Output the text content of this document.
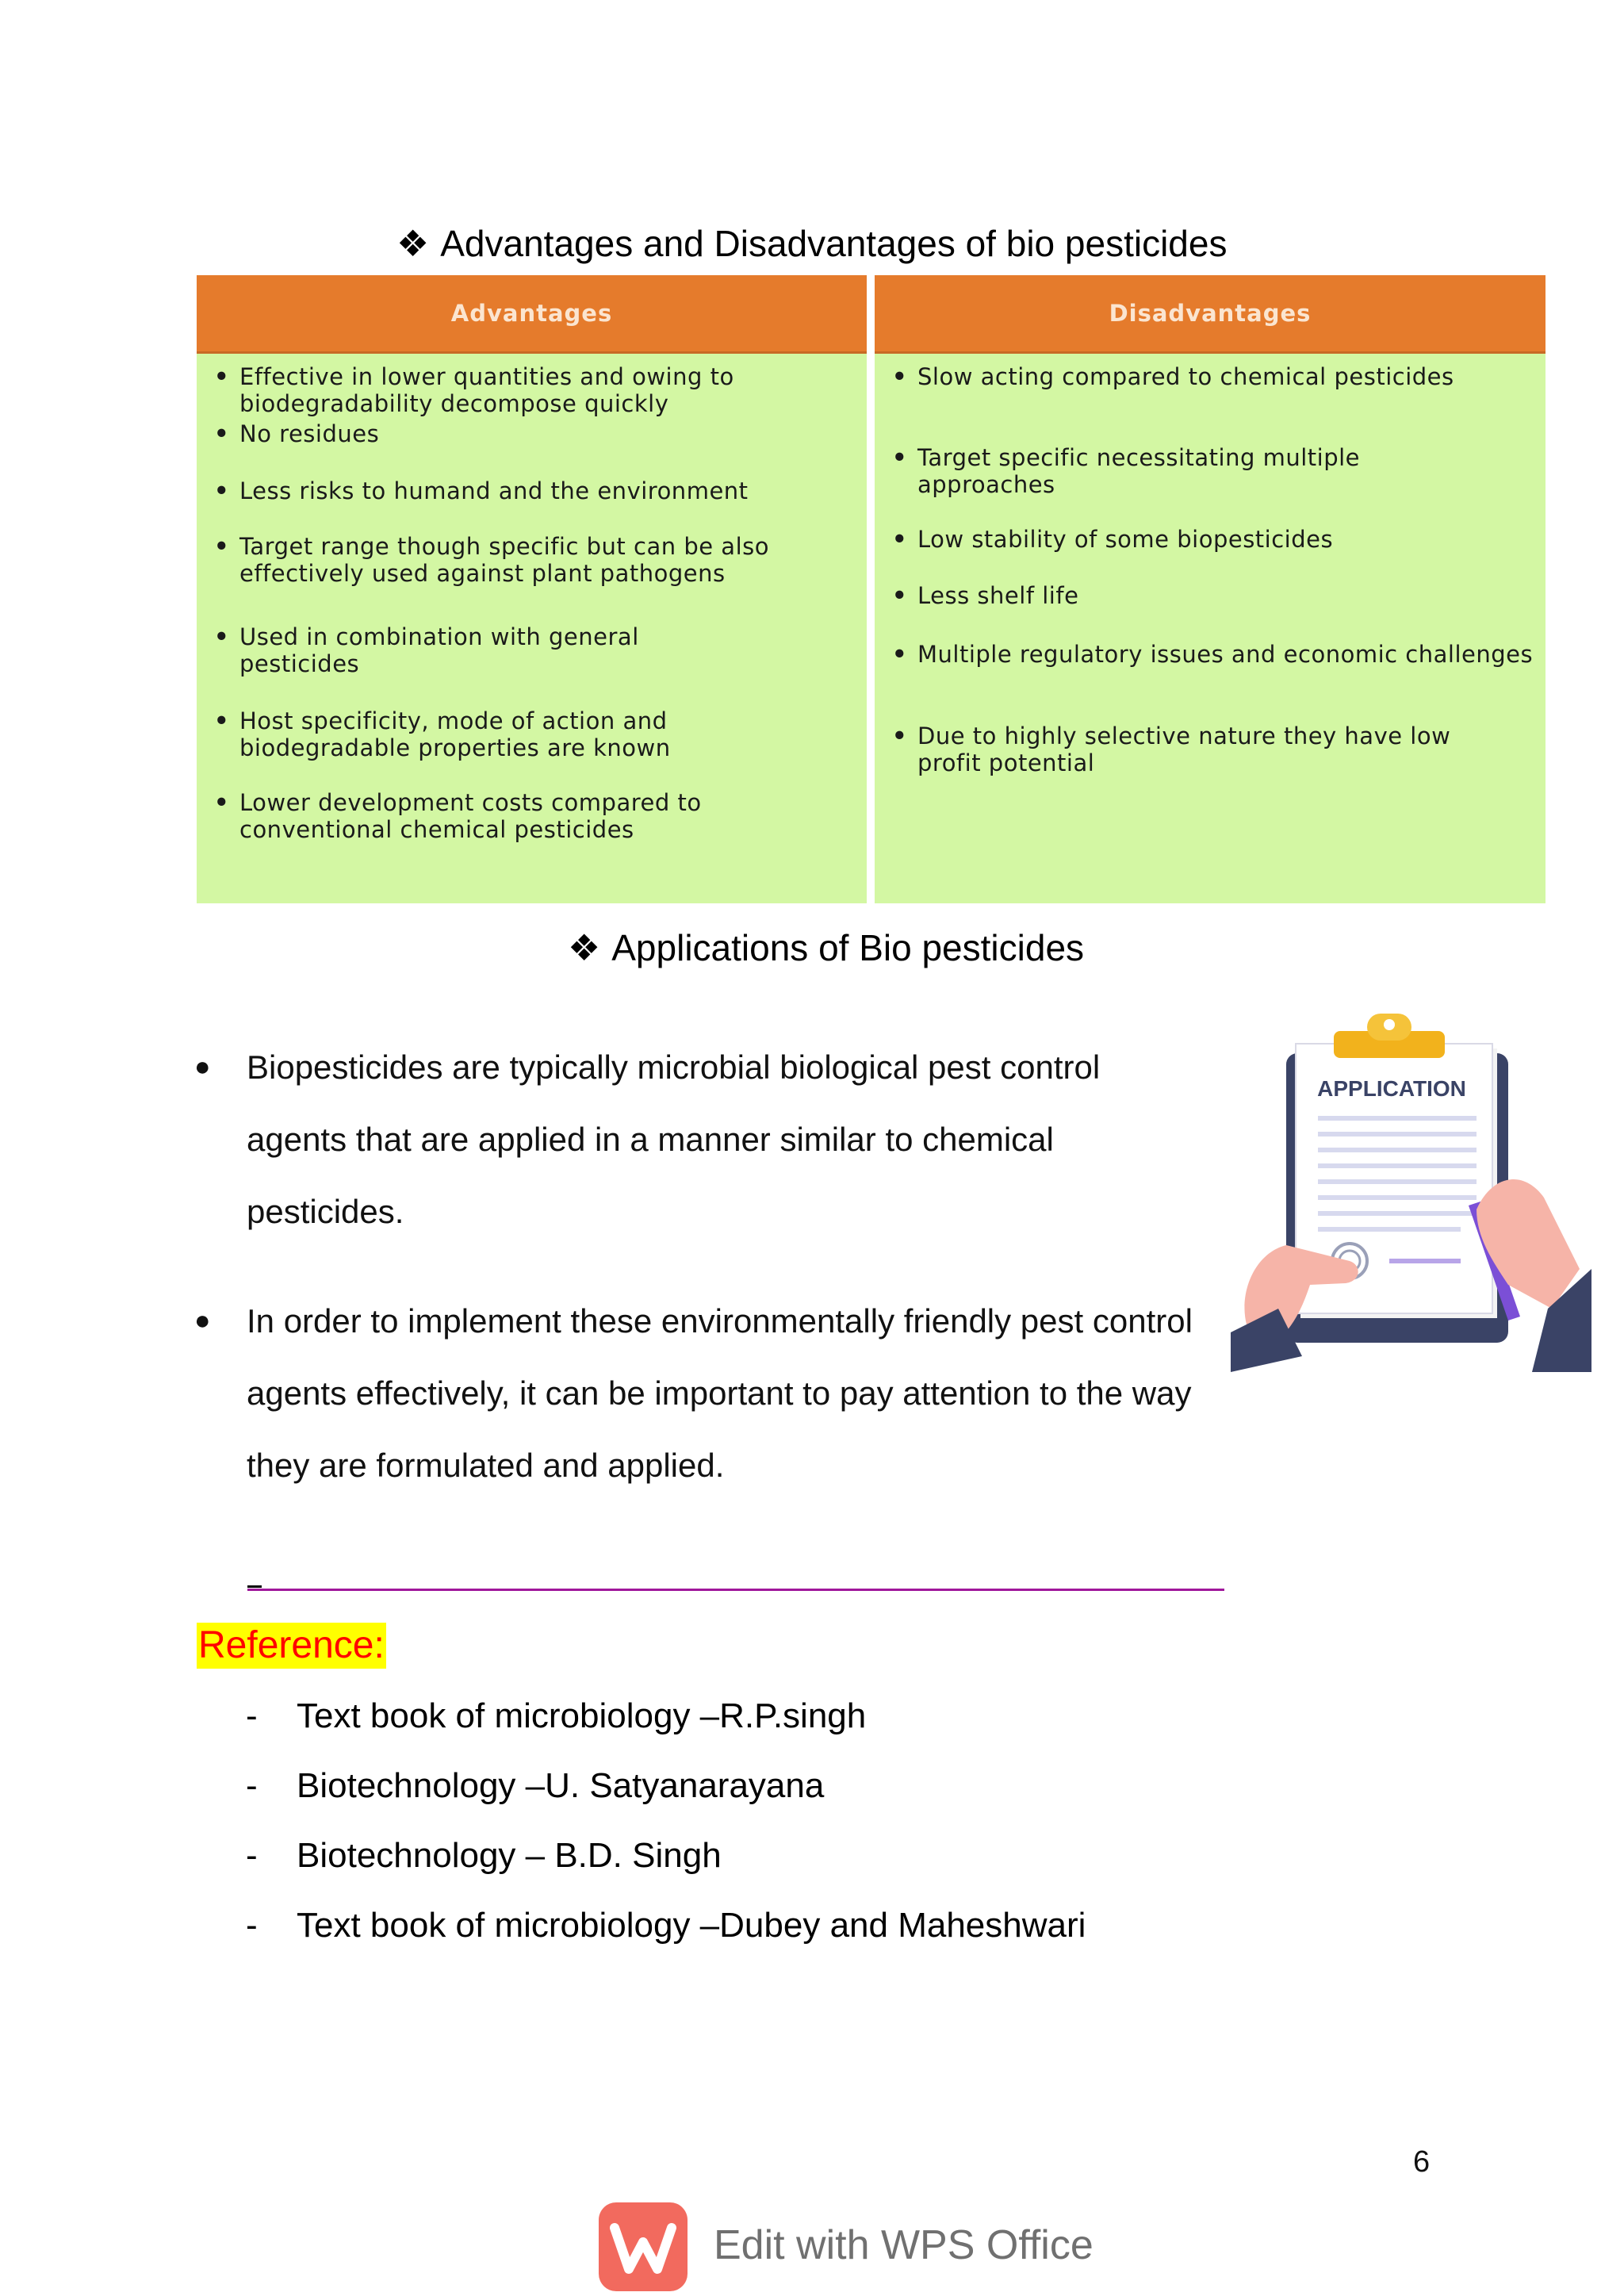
❖ Advantages and Disadvantages of bio pesticides
Advantages
• Effective in lower quantities and owing to biodegradability decompose quickly
• No residues
• Less risks to humand and the environment
• Target range though specific but can be also effectively used against plant pathogens
• Used in combination with general pesticides
• Host specificity, mode of action and biodegradable properties are known
• Lower development costs compared to conventional chemical pesticides
Disadvantages
• Slow acting compared to chemical pesticides
• Target specific necessitating multiple approaches
• Low stability of some biopesticides
• Less shelf life
• Multiple regulatory issues and economic challenges
• Due to highly selective nature they have low profit potential
❖ Applications of Bio pesticides
● Biopesticides are typically microbial biological pest control agents that are applied in a manner similar to chemical pesticides.
● In order to implement these environmentally friendly pest control agents effectively, it can be important to pay attention to the way they are formulated and applied.
APPLICATION
Reference:
- Text book of microbiology –R.P.singh
- Biotechnology –U. Satyanarayana
- Biotechnology – B.D. Singh
- Text book of microbiology –Dubey and Maheshwari
6
Edit with WPS Office
